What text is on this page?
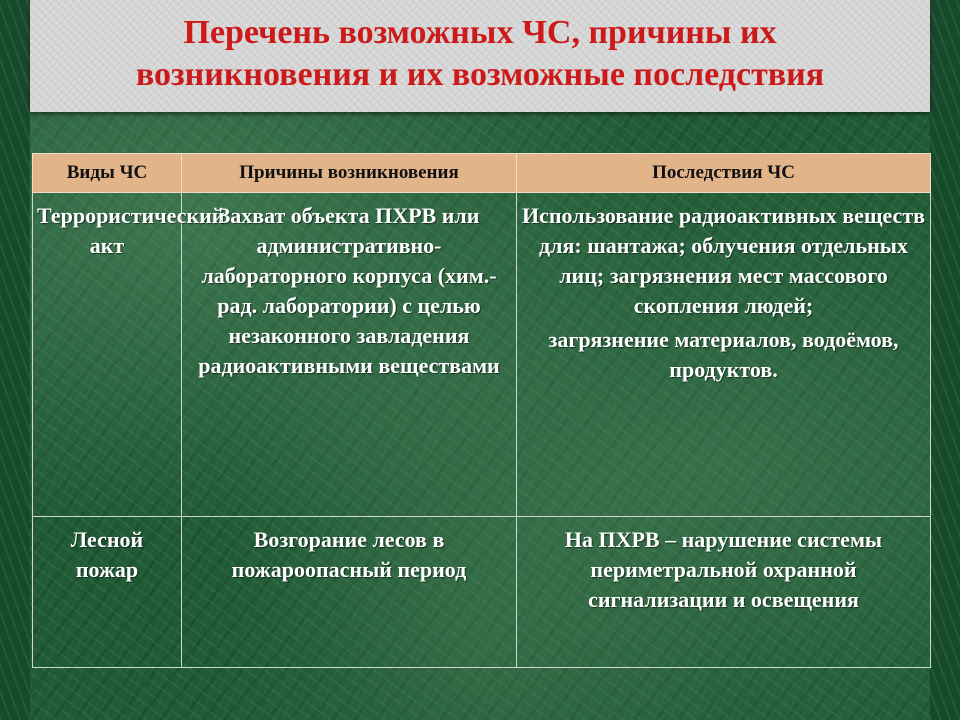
Перечень возможных ЧС, причины их
возникновения и их возможные последствия
Виды ЧС	Причины возникновения	Последствия ЧС
Террористический акт	Захват объекта ПХРВ или административно-лабораторного корпуса (хим.-рад. лаборатории) с целью незаконного завладения радиоактивными веществами	Использование радиоактивных веществ для: шантажа; облучения отдельных лиц; загрязнения мест массового скопления людей;
загрязнение материалов, водоёмов, продуктов.

Лесной пожар	Возгорание лесов в пожароопасный период	На ПХРВ – нарушение системы периметральной охранной сигнализации и освещения
